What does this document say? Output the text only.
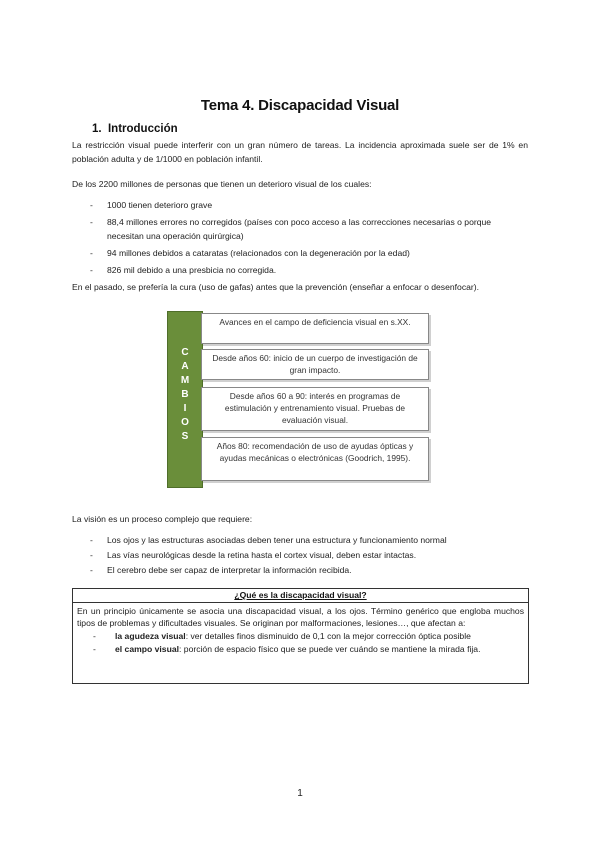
Tema 4. Discapacidad Visual
1. Introducción
La restricción visual puede interferir con un gran número de tareas. La incidencia aproximada suele ser de 1% en población adulta y de 1/1000 en población infantil.
De los 2200 millones de personas que tienen un deterioro visual de los cuales:
- 1000 tienen deterioro grave
- 88,4 millones errores no corregidos (países con poco acceso a las correcciones necesarias o porque necesitan una operación quirúrgica)
- 94 millones debidos a cataratas (relacionados con la degeneración por la edad)
- 826 mil debido a una presbicia no corregida.
En el pasado, se prefería la cura (uso de gafas) antes que la prevención (enseñar a enfocar o desenfocar).
C
A
M
B
I
O
S
Avances en el campo de deficiencia visual en s.XX.
Desde años 60: inicio de un cuerpo de investigación de gran impacto.
Desde años 60 a 90: interés en programas de estimulación y entrenamiento visual. Pruebas de evaluación visual.
Años 80: recomendación de uso de ayudas ópticas y ayudas mecánicas o electrónicas (Goodrich, 1995).
La visión es un proceso complejo que requiere:
- Los ojos y las estructuras asociadas deben tener una estructura y funcionamiento normal
- Las vías neurológicas desde la retina hasta el cortex visual, deben estar intactas.
- El cerebro debe ser capaz de interpretar la información recibida.
¿Qué es la discapacidad visual?
En un principio únicamente se asocia una discapacidad visual, a los ojos. Término genérico que engloba muchos tipos de problemas y dificultades visuales. Se originan por malformaciones, lesiones…, que afectan a:
- la agudeza visual: ver detalles finos disminuido de 0,1 con la mejor corrección óptica posible
- el campo visual: porción de espacio físico que se puede ver cuándo se mantiene la mirada fija.
1
